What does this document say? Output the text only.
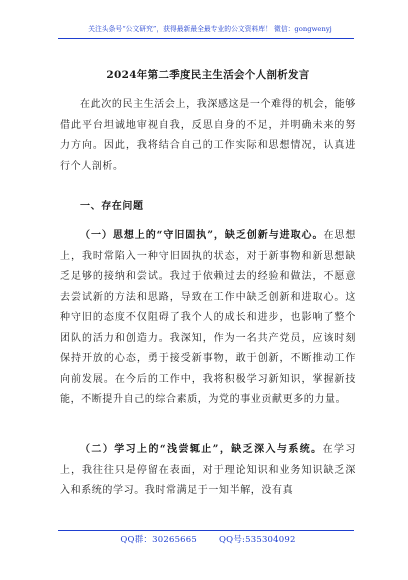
关注头条号“公文研究”，获得最新最全最专业的公文资料库！ 微信：gongwenyj
2024年第二季度民主生活会个人剖析发言

在此次的民主生活会上，我深感这是一个难得的机会，能够借此平台坦诚地审视自我，反思自身的不足，并明确未来的努力方向。因此，我将结合自己的工作实际和思想情况，认真进行个人剖析。

一、存在问题

（一）思想上的“守旧固执”，缺乏创新与进取心。在思想上，我时常陷入一种守旧固执的状态，对于新事物和新思想缺乏足够的接纳和尝试。我过于依赖过去的经验和做法，不愿意去尝试新的方法和思路，导致在工作中缺乏创新和进取心。这种守旧的态度不仅阻碍了我个人的成长和进步，也影响了整个团队的活力和创造力。我深知，作为一名共产党员，应该时刻保持开放的心态，勇于接受新事物，敢于创新，不断推动工作向前发展。在今后的工作中，我将积极学习新知识，掌握新技能，不断提升自己的综合素质，为党的事业贡献更多的力量。

（二）学习上的“浅尝辄止”，缺乏深入与系统。在学习上，我往往只是停留在表面，对于理论知识和业务知识缺乏深入和系统的学习。我时常满足于一知半解，没有真

QQ群：30265665	QQ号:535304092
